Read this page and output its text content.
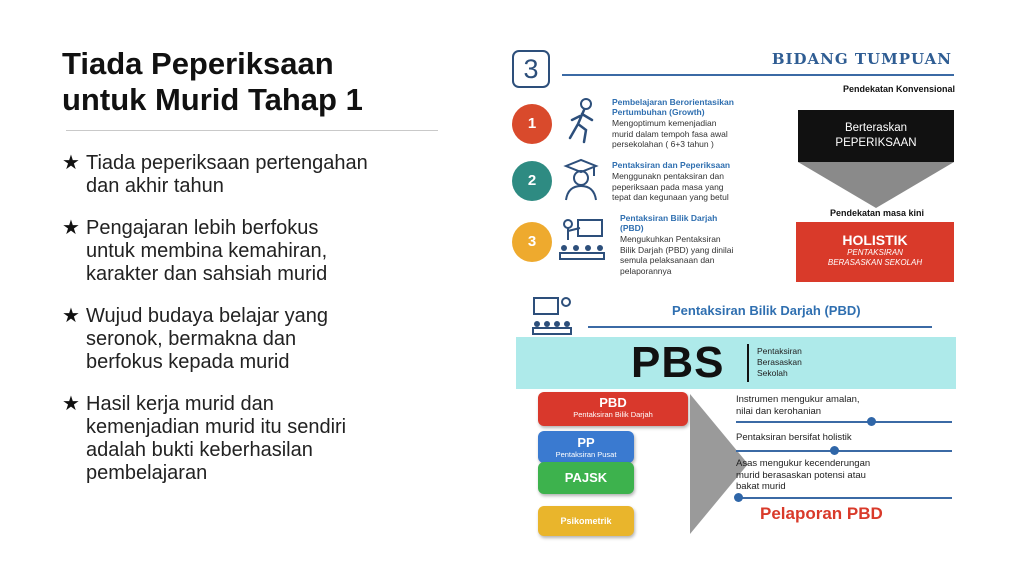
Tiada Peperiksaan
untuk Murid Tahap 1
★ Tiada peperiksaan pertengahan
dan akhir tahun
★ Pengajaran lebih berfokus
untuk membina kemahiran,
karakter dan sahsiah murid
★ Wujud budaya belajar yang
seronok, bermakna dan
berfokus kepada murid
★ Hasil kerja murid dan
kemenjadian murid itu sendiri
adalah bukti keberhasilan
pembelajaran
3	BIDANG TUMPUAN
1
Pembelajaran Berorientasikan
Pertumbuhan (Growth)
Mengoptimum kemenjadian
murid dalam tempoh fasa awal
persekolahan ( 6+3 tahun )
2
Pentaksiran dan Peperiksaan
Menggunakn pentaksiran dan
peperiksaan pada masa yang
tepat dan kegunaan yang betul
3
Pentaksiran Bilik Darjah
(PBD)
Mengukuhkan Pentaksiran
Bilik Darjah (PBD) yang dinilai
semula pelaksanaan dan
pelaporannya
Pendekatan Konvensional
Berteraskan
PEPERIKSAAN
Pendekatan masa kini
HOLISTIK
PENTAKSIRAN
BERASASKAN SEKOLAH
Pentaksiran Bilik Darjah (PBD)
PBS	Pentaksiran
Berasaskan
Sekolah
PBD
Pentaksiran Bilik Darjah
PP
Pentaksiran Pusat
PAJSK
Psikometrik
Instrumen mengukur amalan,
nilai dan kerohanian
Pentaksiran bersifat holistik
Asas mengukur kecenderungan
murid berasaskan potensi atau
bakat murid
Pelaporan PBD
